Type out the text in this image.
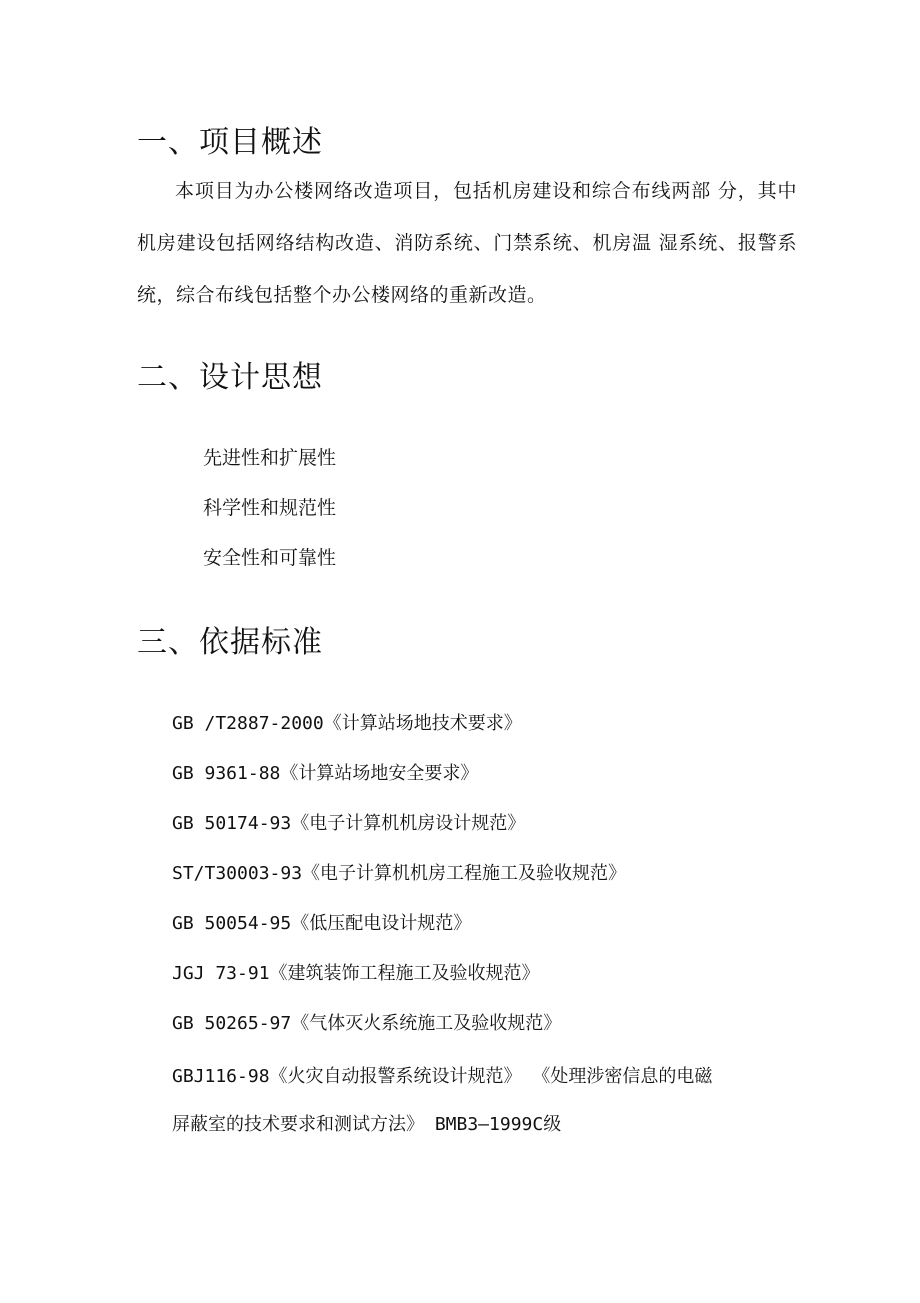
一、项目概述

本项目为办公楼网络改造项目，包括机房建设和综合布线两部 分，其中机房建设包括网络结构改造、消防系统、门禁系统、机房温 湿系统、报警系统，综合布线包括整个办公楼网络的重新改造。

二、设计思想

先进性和扩展性

科学性和规范性

安全性和可靠性

三、依据标准

GB /T2887-2000《计算站场地技术要求》

GB 9361-88《计算站场地安全要求》

GB 50174-93《电子计算机机房设计规范》

ST/T30003-93《电子计算机机房工程施工及验收规范》

GB 50054-95《低压配电设计规范》

JGJ 73-91《建筑装饰工程施工及验收规范》

GB 50265-97《气体灭火系统施工及验收规范》

GBJ116-98《火灾自动报警系统设计规范》 《处理涉密信息的电磁

屏蔽室的技术要求和测试方法》 BMB3—1999C级
